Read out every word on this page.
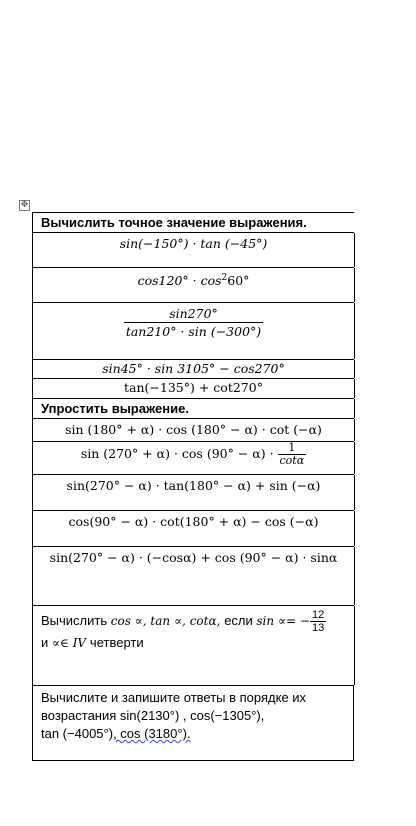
✥
Вычислить точное значение выражения.
sin(−150°) · tan (−45°)
$\cos 120^\circ \cdot \cos^260^\circ$
$\frac{\sin 270^\circ}{\tan 210^\circ \cdot \sin (-300^\circ)}$
sin45° · sin 3105° − cos270°
tan(−135°) + cot270°
Упростить выражение.
sin (180° + α) · cos (180° − α) · cot (−α)
$\sin (270^\circ + \alpha) \cdot \cos (90^\circ - \alpha) \cdot \frac{1}{\cot\alpha}$
sin(270° − α) · tan(180° − α) + sin (−α)
cos(90° − α) · cot(180° + α) − cos (−α)
sin(270° − α) · (−cosα) + cos (90° − α) · sinα
Вычислить cos ∝, tan ∝, cotα, если sin ∝= − $\frac{12}{13}$

и ∝∈ IV четверти
Вычислите и запишите ответы в порядке их
возрастания sin(2130°) , cos(−1305°),
tan (−4005°), cos (3180°).
